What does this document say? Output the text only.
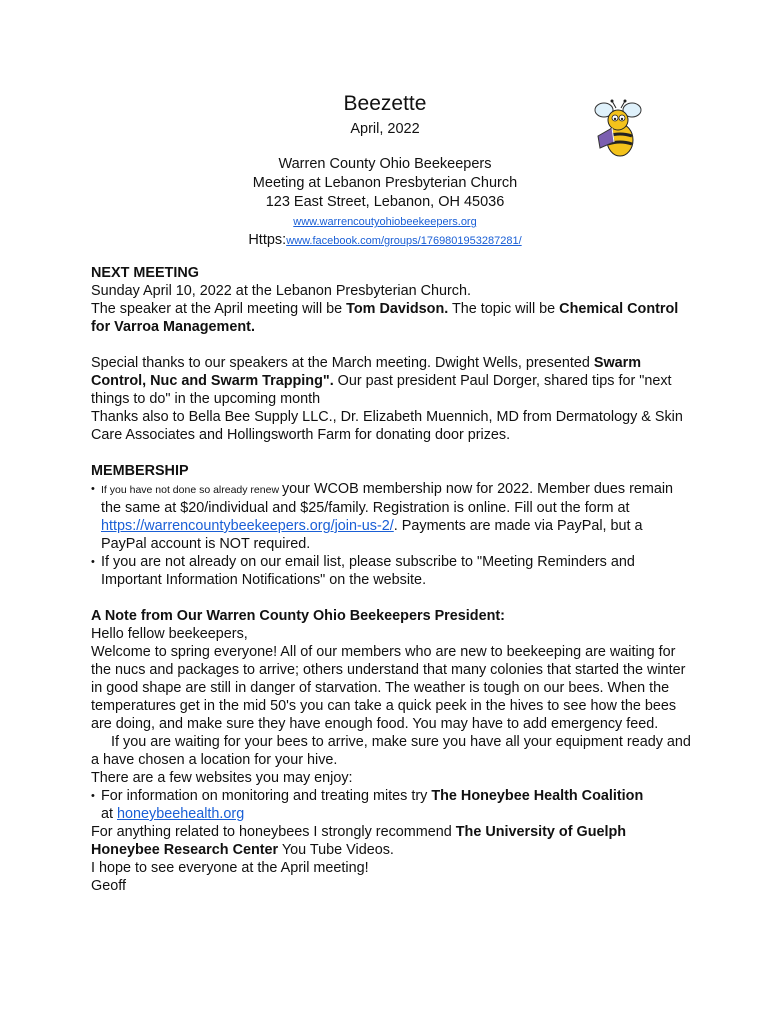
Beezette
April, 2022
Warren County Ohio Beekeepers
Meeting at Lebanon Presbyterian Church
123 East Street, Lebanon, OH 45036
www.warrencoutyohiobeekeepers.org
Https:www.facebook.com/groups/1769801953287281/

NEXT MEETING

Sunday April 10, 2022 at the Lebanon Presbyterian Church.

The speaker at the April meeting will be Tom Davidson. The topic will be Chemical Control for Varroa Management.

Special thanks to our speakers at the March meeting. Dwight Wells, presented Swarm Control, Nuc and Swarm Trapping". Our past president Paul Dorger, shared tips for "next things to do" in the upcoming month

Thanks also to Bella Bee Supply LLC., Dr. Elizabeth Muennich, MD from Dermatology & Skin Care Associates and Hollingsworth Farm for donating door prizes.

MEMBERSHIP

• If you have not done so already renew your WCOB membership now for 2022. Member dues remain the same at $20/individual and $25/family. Registration is online. Fill out the form at https://warrencountybeekeepers.org/join-us-2/. Payments are made via PayPal, but a PayPal account is NOT required.
• If you are not already on our email list, please subscribe to "Meeting Reminders and Important Information Notifications" on the website.

A Note from Our Warren County Ohio Beekeepers President:

Hello fellow beekeepers,

Welcome to spring everyone! All of our members who are new to beekeeping are waiting for the nucs and packages to arrive; others understand that many colonies that started the winter in good shape are still in danger of starvation. The weather is tough on our bees. When the temperatures get in the mid 50's you can take a quick peek in the hives to see how the bees are doing, and make sure they have enough food. You may have to add emergency feed.

If you are waiting for your bees to arrive, make sure you have all your equipment ready and a have chosen a location for your hive.

There are a few websites you may enjoy:

• For information on monitoring and treating mites try The Honeybee Health Coalition
at honeybeehealth.org

For anything related to honeybees I strongly recommend The University of Guelph Honeybee Research Center You Tube Videos.

I hope to see everyone at the April meeting!

Geoff
